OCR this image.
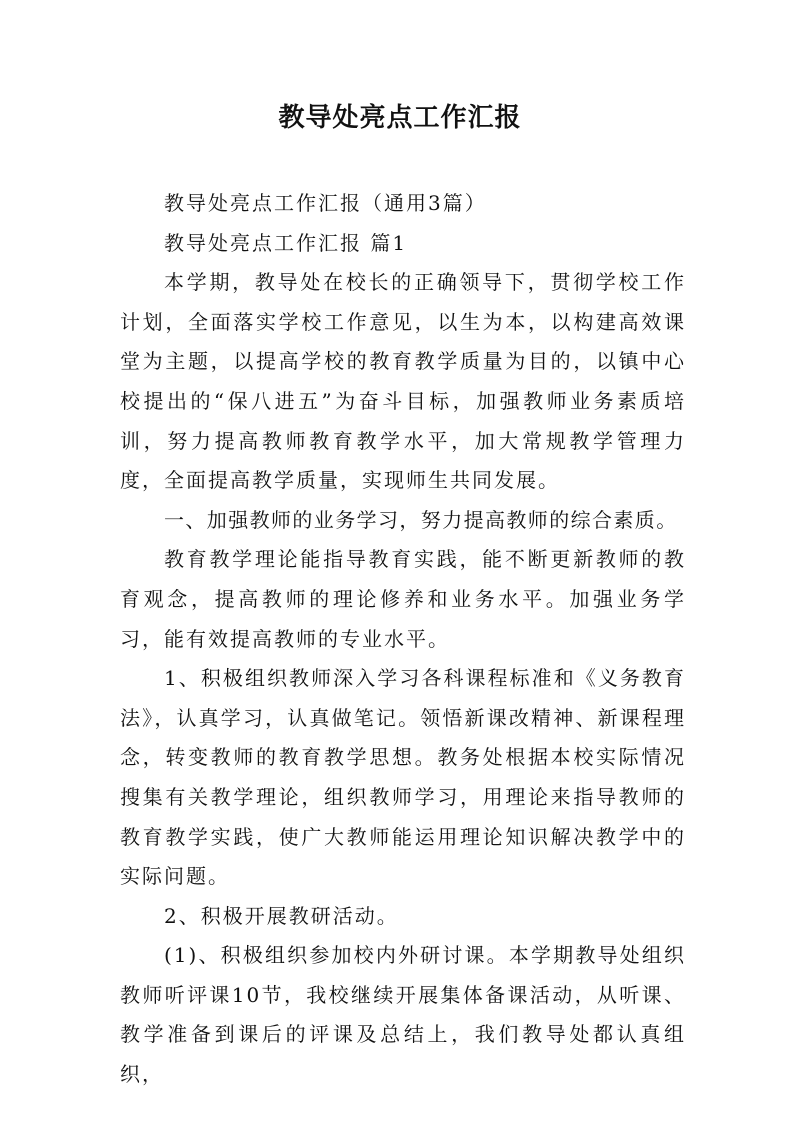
教导处亮点工作汇报

教导处亮点工作汇报（通用3篇）

教导处亮点工作汇报 篇1

本学期，教导处在校长的正确领导下，贯彻学校工作计划，全面落实学校工作意见，以生为本，以构建高效课堂为主题，以提高学校的教育教学质量为目的，以镇中心校提出的“保八进五”为奋斗目标，加强教师业务素质培训，努力提高教师教育教学水平，加大常规教学管理力度，全面提高教学质量，实现师生共同发展。

一、加强教师的业务学习，努力提高教师的综合素质。

教育教学理论能指导教育实践，能不断更新教师的教育观念，提高教师的理论修养和业务水平。加强业务学习，能有效提高教师的专业水平。

1、积极组织教师深入学习各科课程标准和《义务教育法》，认真学习，认真做笔记。领悟新课改精神、新课程理念，转变教师的教育教学思想。教务处根据本校实际情况搜集有关教学理论，组织教师学习，用理论来指导教师的教育教学实践，使广大教师能运用理论知识解决教学中的实际问题。

2、积极开展教研活动。

(1)、积极组织参加校内外研讨课。本学期教导处组织教师听评课10节，我校继续开展集体备课活动，从听课、教学准备到课后的评课及总结上，我们教导处都认真组织，
